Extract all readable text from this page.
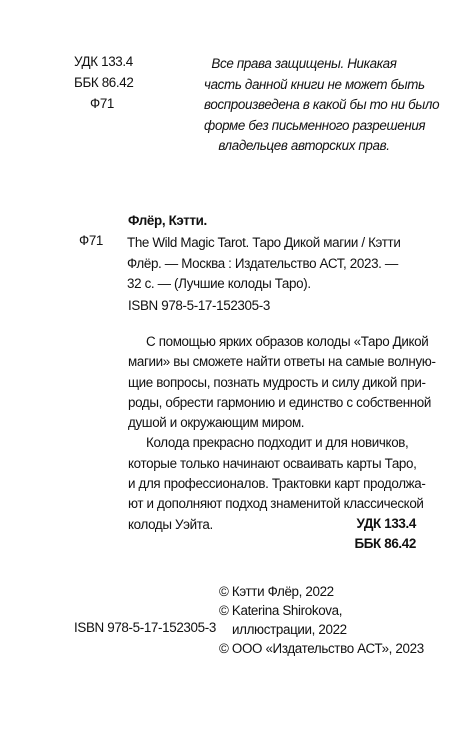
УДК 133.4
ББК 86.42
Ф71
Все права защищены. Никакая
часть данной книги не может быть
воспроизведена в какой бы то ни было
форме без письменного разрешения
владельцев авторских прав.
Флёр, Кэтти.
Ф71 The Wild Magic Tarot. Таро Дикой магии / Кэтти
Флёр. — Москва : Издательство АСТ, 2023. —
32 с. — (Лучшие колоды Таро).
ISBN 978-5-17-152305-3
С помощью ярких образов колоды «Таро Дикой
магии» вы сможете найти ответы на самые волную-
щие вопросы, познать мудрость и силу дикой при-
роды, обрести гармонию и единство с собственной
душой и окружающим миром.
Колода прекрасно подходит и для новичков,
которые только начинают осваивать карты Таро,
и для профессионалов. Трактовки карт продолжа-
ют и дополняют подход знаменитой классической
колоды Уэйта.	УДК 133.4
ББК 86.42
© Кэтти Флёр, 2022
© Katerina Shirokova,
иллюстрации, 2022
© ООО «Издательство АСТ», 2023
ISBN 978-5-17-152305-3
